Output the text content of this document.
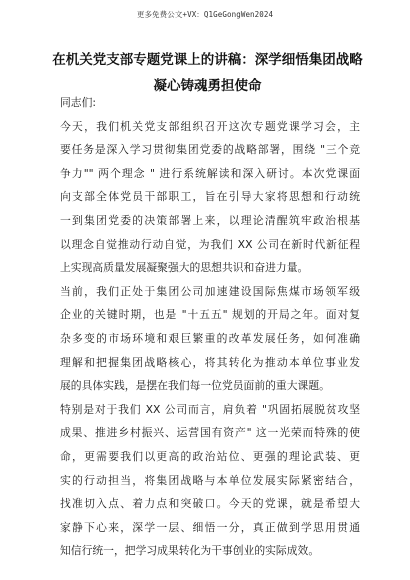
更多免费公文+VX：Q1GeGongWen2024
在机关党支部专题党课上的讲稿：深学细悟集团战略
凝心铸魂勇担使命
同志们:
今天，我们机关党支部组织召开这次专题党课学习会，主
要任务是深入学习贯彻集团党委的战略部署，围绕 "三个竞
争力"" 两个理念 " 进行系统解读和深入研讨。本次党课面
向支部全体党员干部职工，旨在引导大家将思想和行动统
一到集团党委的决策部署上来，以理论清醒筑牢政治根基
以理念自觉推动行动自觉，为我们 XX 公司在新时代新征程
上实现高质量发展凝聚强大的思想共识和奋进力量。
当前，我们正处于集团公司加速建设国际焦煤市场领军级
企业的关键时期，也是 "十五五" 规划的开局之年。面对复
杂多变的市场环境和艰巨繁重的改革发展任务，如何准确
理解和把握集团战略核心，将其转化为推动本单位事业发
展的具体实践，是摆在我们每一位党员面前的重大课题。
特别是对于我们 XX 公司而言，肩负着 "巩固拓展脱贫攻坚
成果、推进乡村振兴、运营国有资产" 这一光荣而特殊的使
命，更需要我们以更高的政治站位、更强的理论武装、更
实的行动担当，将集团战略与本单位发展实际紧密结合，
找准切入点、着力点和突破口。今天的党课，就是希望大
家静下心来，深学一层、细悟一分，真正做到学思用贯通
知信行统一，把学习成果转化为干事创业的实际成效。
